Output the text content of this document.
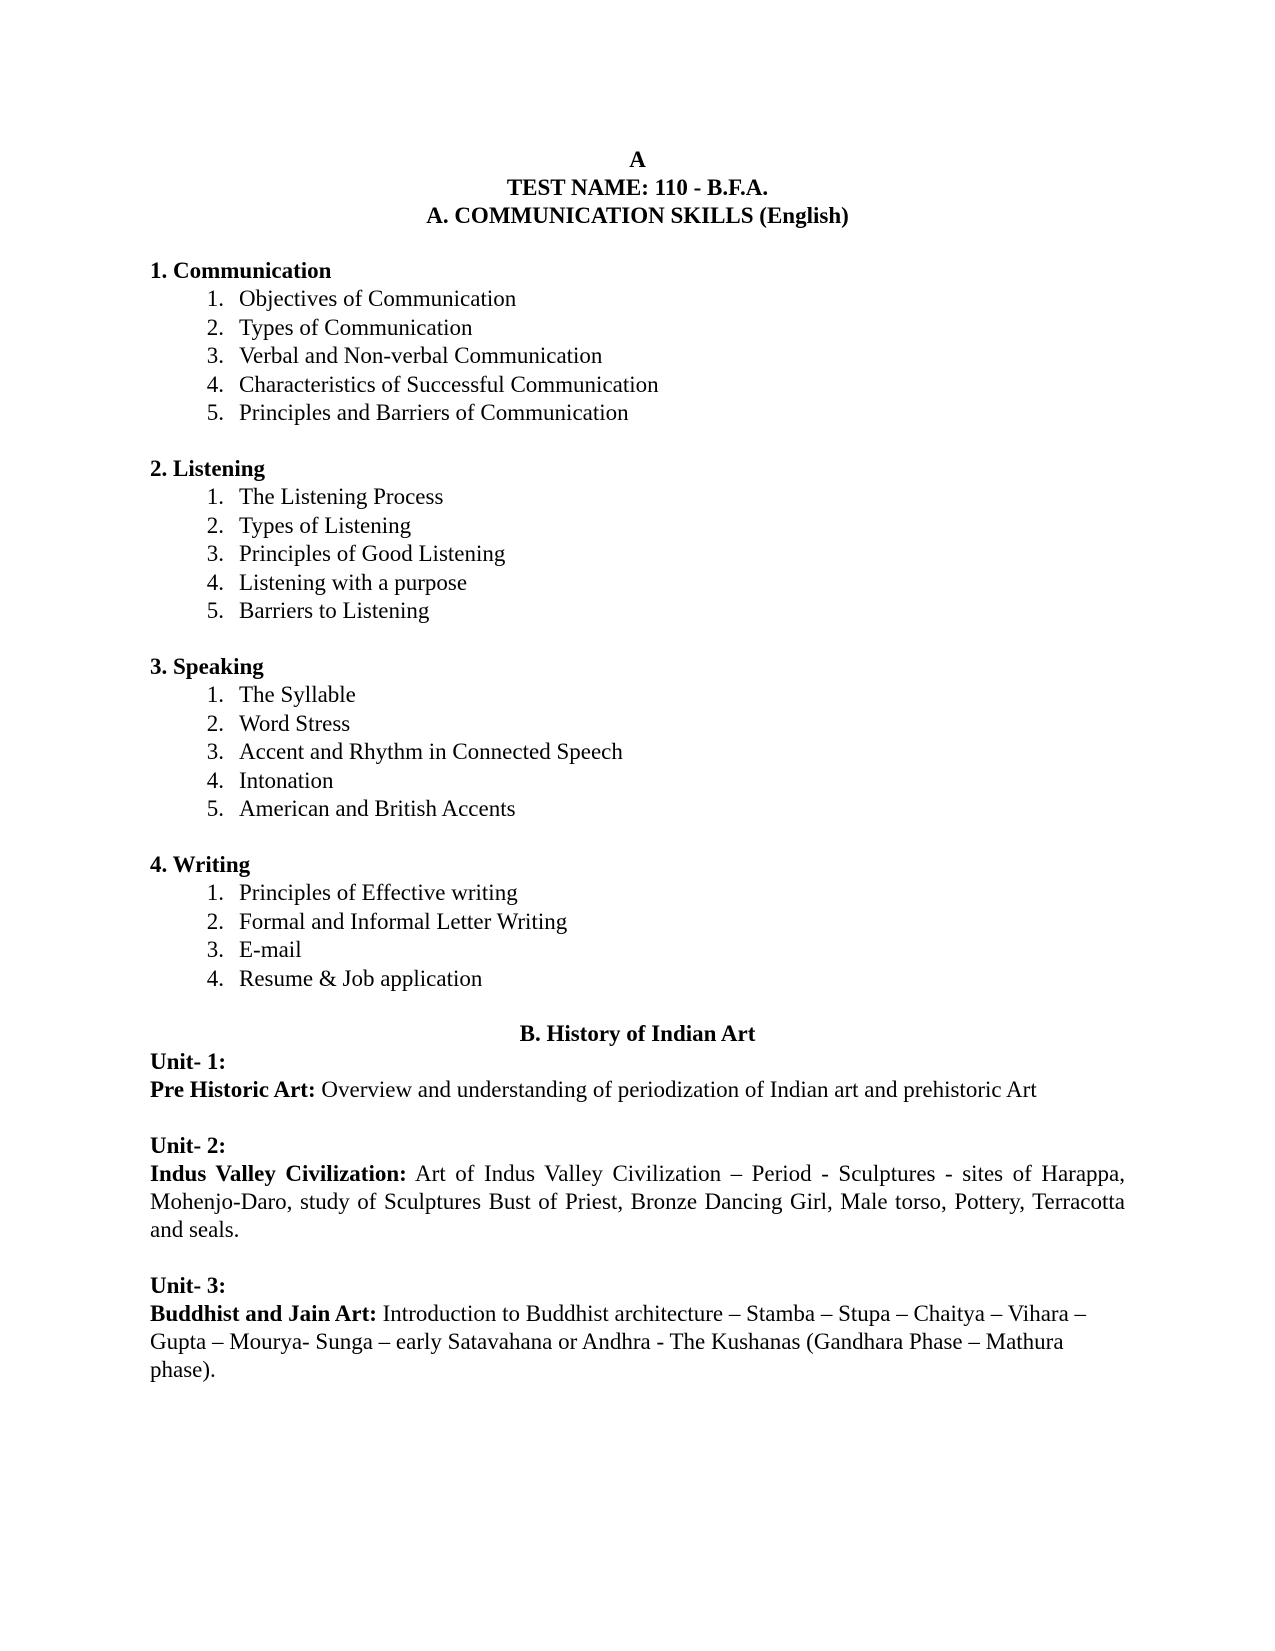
A
TEST NAME: 110 - B.F.A.
A. COMMUNICATION SKILLS (English)
1. Communication
1. Objectives of Communication
2. Types of Communication
3. Verbal and Non-verbal Communication
4. Characteristics of Successful Communication
5. Principles and Barriers of Communication
2. Listening
1. The Listening Process
2. Types of Listening
3. Principles of Good Listening
4. Listening with a purpose
5. Barriers to Listening
3. Speaking
1. The Syllable
2. Word Stress
3. Accent and Rhythm in Connected Speech
4. Intonation
5. American and British Accents
4. Writing
1. Principles of Effective writing
2. Formal and Informal Letter Writing
3. E-mail
4. Resume & Job application
B. History of Indian Art
Unit- 1:
Pre Historic Art: Overview and understanding of periodization of Indian art and prehistoric Art
Unit- 2:
Indus Valley Civilization: Art of Indus Valley Civilization – Period - Sculptures - sites of Harappa, Mohenjo-Daro, study of Sculptures Bust of Priest, Bronze Dancing Girl, Male torso, Pottery, Terracotta and seals.
Unit- 3:
Buddhist and Jain Art: Introduction to Buddhist architecture – Stamba – Stupa – Chaitya – Vihara – Gupta – Mourya- Sunga – early Satavahana or Andhra - The Kushanas (Gandhara Phase – Mathura phase).
